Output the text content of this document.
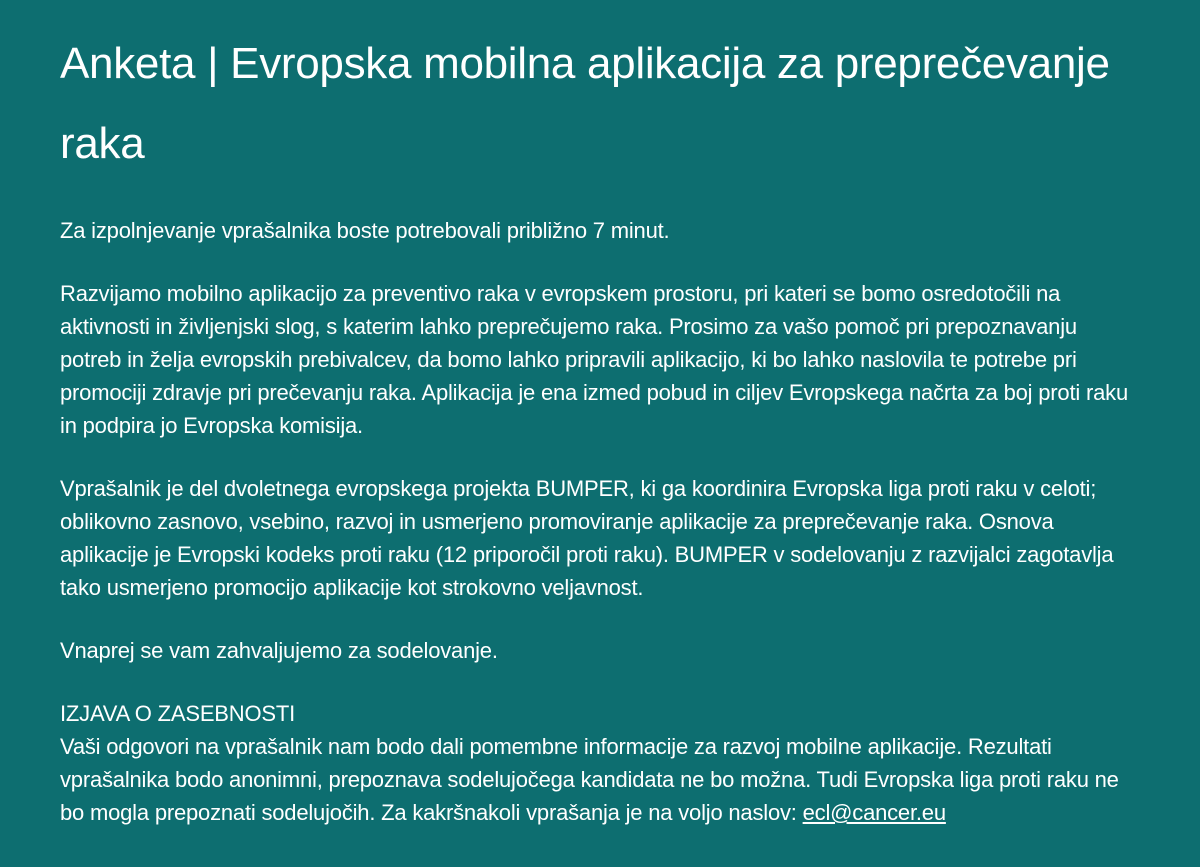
Anketa | Evropska mobilna aplikacija za preprečevanje raka

Za izpolnjevanje vprašalnika boste potrebovali približno 7 minut.

Razvijamo mobilno aplikacijo za preventivo raka v evropskem prostoru, pri kateri se bomo osredotočili na aktivnosti in življenjski slog, s katerim lahko preprečujemo raka. Prosimo za vašo pomoč pri prepoznavanju potreb in želja evropskih prebivalcev, da bomo lahko pripravili aplikacijo, ki bo lahko naslovila te potrebe pri promociji zdravje pri prečevanju raka. Aplikacija je ena izmed pobud in ciljev Evropskega načrta za boj proti raku in podpira jo Evropska komisija.

Vprašalnik je del dvoletnega evropskega projekta BUMPER, ki ga koordinira Evropska liga proti raku v celoti; oblikovno zasnovo, vsebino, razvoj in usmerjeno promoviranje aplikacije za preprečevanje raka. Osnova aplikacije je Evropski kodeks proti raku (12 priporočil proti raku). BUMPER v sodelovanju z razvijalci zagotavlja tako usmerjeno promocijo aplikacije kot strokovno veljavnost.

Vnaprej se vam zahvaljujemo za sodelovanje.

IZJAVA O ZASEBNOSTI
Vaši odgovori na vprašalnik nam bodo dali pomembne informacije za razvoj mobilne aplikacije. Rezultati vprašalnika bodo anonimni, prepoznava sodelujočega kandidata ne bo možna. Tudi Evropska liga proti raku ne bo mogla prepoznati sodelujočih. Za kakršnakoli vprašanja je na voljo naslov: ecl@cancer.eu
